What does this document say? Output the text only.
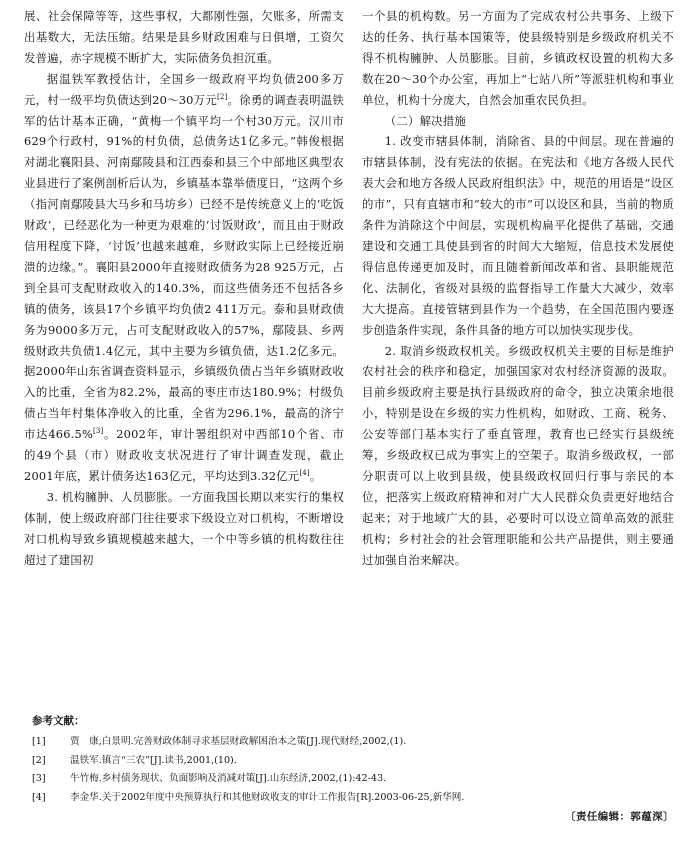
展、社会保障等等，这些事权，大都刚性强，欠账多，所需支出基数大，无法压缩。结果是县乡财政困难与日俱增，工资欠发普遍，赤字规模不断扩大，实际债务负担沉重。

据温铁军教授估计，全国乡一级政府平均负债200多万元，村一级平均负债达到20～30万元[2]。徐勇的调查表明温铁军的估计基本正确，“黄梅一个镇平均一个村30万元。汉川市629个行政村，91%的村负债，总债务达1亿多元。”韩俊根据对湖北襄阳县、河南鄢陵县和江西泰和县三个中部地区典型农业县进行了案例剖析后认为，乡镇基本靠举债度日，“这两个乡（指河南鄢陵县大马乡和马坊乡）已经不是传统意义上的‘吃饭财政’，已经恶化为一种更为艰难的‘讨饭财政’，而且由于财政信用程度下降，‘讨饭’也越来越难，乡财政实际上已经接近崩溃的边缘。”。襄阳县2000年直接财政债务为28 925万元，占到全县可支配财政收入的140.3%，而这些债务还不包括各乡镇的债务，该县17个乡镇平均负债2 411万元。泰和县财政债务为9000多万元，占可支配财政收入的57%，鄢陵县、乡两级财政共负债1.4亿元，其中主要为乡镇负债，达1.2亿多元。据2000年山东省调查资料显示，乡镇级负债占当年乡镇财政收入的比重，全省为82.2%，最高的枣庄市达180.9%；村级负债占当年村集体净收入的比重，全省为296.1%，最高的济宁市达466.5%[3]。2002年，审计署组织对中西部10个省、市的49个县（市）财政收支状况进行了审计调查发现，截止2001年底，累计债务达163亿元，平均达到3.32亿元[4]。

3. 机构臃肿、人员膨胀。一方面我国长期以来实行的集权体制，使上级政府部门往往要求下级设立对口机构，不断增设对口机构导致乡镇规模越来越大，一个中等乡镇的机构数往往超过了建国初

一个县的机构数。另一方面为了完成农村公共事务、上级下达的任务、执行基本国策等，使县级特别是乡级政府机关不得不机构臃肿、人员膨胀。目前，乡镇政权设置的机构大多数在20～30个办公室，再加上“七站八所”等派驻机构和事业单位，机构十分庞大，自然会加重农民负担。

（二）解决措施

1. 改变市辖县体制，消除省、县的中间层。现在普遍的市辖县体制，没有宪法的依据。在宪法和《地方各级人民代表大会和地方各级人民政府组织法》中，规范的用语是“设区的市”，只有直辖市和“较大的市”可以设区和县，当前的物质条件为消除这个中间层，实现机构扁平化提供了基础，交通建设和交通工具使县到省的时间大大缩短，信息技术发展使得信息传递更加及时，而且随着新闻改革和省、县职能规范化、法制化，省级对县级的监督指导工作量大大减少，效率大大提高。直接管辖到县作为一个趋势，在全国范围内要逐步创造条件实现，条件具备的地方可以加快实现步伐。

2. 取消乡级政权机关。乡级政权机关主要的目标是维护农村社会的秩序和稳定，加强国家对农村经济资源的汲取。目前乡级政府主要是执行县级政府的命令，独立决策余地很小，特别是设在乡级的实力性机构，如财政、工商、税务、公安等部门基本实行了垂直管理，教育也已经实行县级统筹，乡级政权已成为事实上的空架子。取消乡级政权，一部分职责可以上收到县级，使县级政权回归行事与亲民的本位，把落实上级政府精神和对广大人民群众负责更好地结合起来；对于地域广大的县，必要时可以设立简单高效的派驻机构；乡村社会的社会管理职能和公共产品提供，则主要通过加强自治来解决。

参考文献：
[1]	贾　康,白景明.完善财政体制寻求基层财政解困治本之策[J].现代财经,2002,(1).
[2]	温铁军.镇言“三农”[J].读书,2001,(10).
[3]	牛竹梅.乡村债务现状、负面影响及消减对策[J].山东经济,2002,(1):42-43.
[4]	李金华.关于2002年度中央预算执行和其他财政收支的审计工作报告[R].2003-06-25,新华网.
〔责任编辑：郭蕴深〕
